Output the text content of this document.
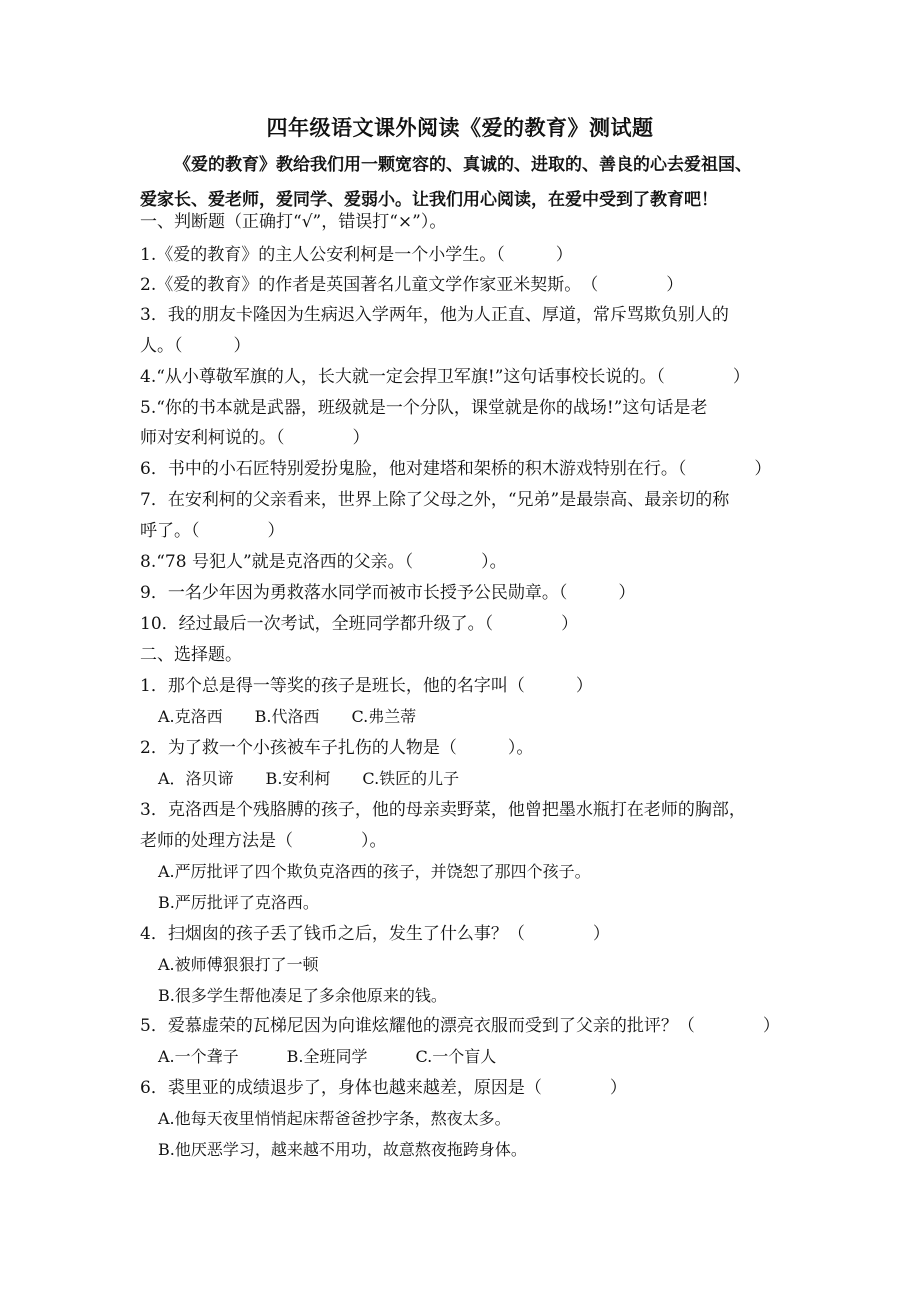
四年级语文课外阅读《爱的教育》测试题
《爱的教育》教给我们用一颗宽容的、真诚的、进取的、善良的心去爱祖国、
爱家长、爱老师，爱同学、爱弱小。让我们用心阅读，在爱中受到了教育吧！
一、判断题（正确打“√”，错误打“×”）。
1.《爱的教育》的主人公安利柯是一个小学生。（　　　）
2.《爱的教育》的作者是英国著名儿童文学作家亚米契斯。　（　　　　）
3．我的朋友卡隆因为生病迟入学两年，他为人正直、厚道，常斥骂欺负别人的
人。（　　　）
4.“从小尊敬军旗的人，长大就一定会捍卫军旗!”这句话事校长说的。（　　　　）
5.“你的书本就是武器，班级就是一个分队，课堂就是你的战场!”这句话是老
师对安利柯说的。（　　　　）
6．书中的小石匠特别爱扮鬼脸，他对建塔和架桥的积木游戏特别在行。（　　　　）
7．在安利柯的父亲看来，世界上除了父母之外，“兄弟”是最崇高、最亲切的称
呼了。（　　　　）
8.“78 号犯人”就是克洛西的父亲。（　　　　）。
9．一名少年因为勇救落水同学而被市长授予公民勋章。（　　　）
10．经过最后一次考试，全班同学都升级了。（　　　　）
二、选择题。
1．那个总是得一等奖的孩子是班长，他的名字叫（　　　）
A.克洛西　　B.代洛西　　C.弗兰蒂
2．为了救一个小孩被车子扎伤的人物是（　　　）。
A．洛贝谛　　B.安利柯　　C.铁匠的儿子
3．克洛西是个残胳膊的孩子，他的母亲卖野菜，他曾把墨水瓶打在老师的胸部，
老师的处理方法是（　　　　）。
A.严厉批评了四个欺负克洛西的孩子，并饶恕了那四个孩子。
B.严厉批评了克洛西。
4．扫烟囱的孩子丢了钱币之后，发生了什么事？（　　　　）
A.被师傅狠狠打了一顿
B.很多学生帮他凑足了多余他原来的钱。
5．爱慕虚荣的瓦梯尼因为向谁炫耀他的漂亮衣服而受到了父亲的批评？（　　　　）
A.一个聋子　　　B.全班同学　　　C.一个盲人
6．裘里亚的成绩退步了，身体也越来越差，原因是（　　　　）
A.他每天夜里悄悄起床帮爸爸抄字条，熬夜太多。
B.他厌恶学习，越来越不用功，故意熬夜拖跨身体。
